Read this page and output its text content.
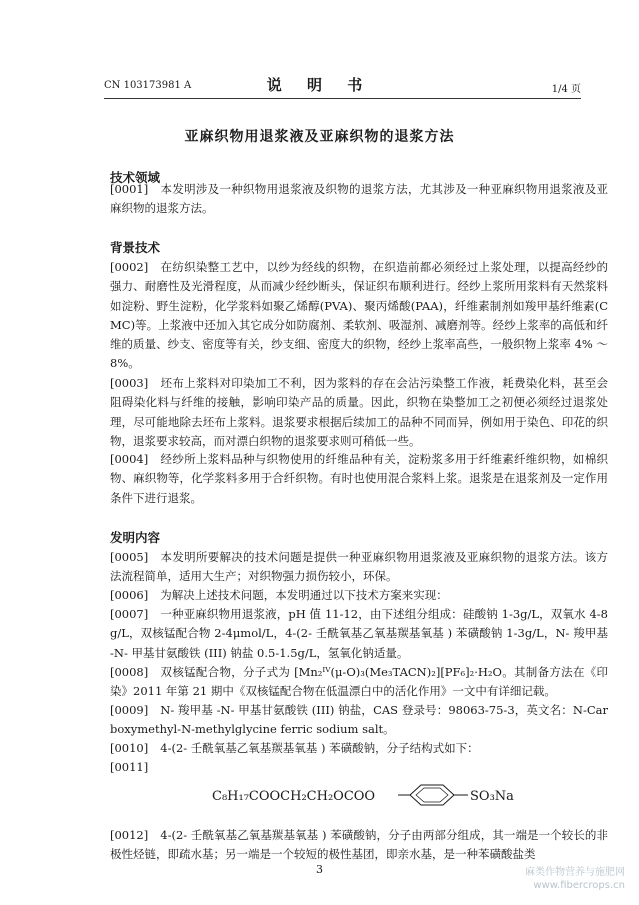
CN 103173981 A	说 明 书	1/4 页
亚麻织物用退浆液及亚麻织物的退浆方法
技术领域

[0001] 本发明涉及一种织物用退浆液及织物的退浆方法，尤其涉及一种亚麻织物用退浆液及亚麻织物的退浆方法。

背景技术

[0002] 在纺织染整工艺中，以纱为经线的织物，在织造前都必须经过上浆处理，以提高经纱的强力、耐磨性及光滑程度，从而减少经纱断头，保证织布顺利进行。经纱上浆所用浆料有天然浆料如淀粉、野生淀粉，化学浆料如聚乙烯醇(PVA)、聚丙烯酸(PAA)，纤维素制剂如羧甲基纤维素(CMC)等。上浆液中还加入其它成分如防腐剂、柔软剂、吸湿剂、减磨剂等。经纱上浆率的高低和纤维的质量、纱支、密度等有关，纱支细、密度大的织物，经纱上浆率高些，一般织物上浆率 4% ～ 8%。

[0003] 坯布上浆料对印染加工不利，因为浆料的存在会沾污染整工作液，耗费染化料，甚至会阻碍染化料与纤维的接触，影响印染产品的质量。因此，织物在染整加工之初便必须经过退浆处理，尽可能地除去坯布上浆料。退浆要求根据后续加工的品种不同而异，例如用于染色、印花的织物，退浆要求较高，而对漂白织物的退浆要求则可稍低一些。

[0004] 经纱所上浆料品种与织物使用的纤维品种有关，淀粉浆多用于纤维素纤维织物，如棉织物、麻织物等，化学浆料多用于合纤织物。有时也使用混合浆料上浆。退浆是在退浆剂及一定作用条件下进行退浆。

发明内容

[0005] 本发明所要解决的技术问题是提供一种亚麻织物用退浆液及亚麻织物的退浆方法。该方法流程简单，适用大生产；对织物强力损伤较小，环保。

[0006] 为解决上述技术问题，本发明通过以下技术方案来实现：

[0007] 一种亚麻织物用退浆液，pH 值 11-12，由下述组分组成：硅酸钠 1-3g/L，双氧水 4-8g/L，双核锰配合物 2-4μmol/L，4-(2- 壬酰氧基乙氧基羰基氧基 ) 苯磺酸钠 1-3g/L，N- 羧甲基 -N- 甲基甘氨酸铁 (III) 钠盐 0.5-1.5g/L，氢氧化钠适量。

[0008] 双核锰配合物，分子式为 [Mn₂ᴵⱽ(μ-O)₃(Me₃TACN)₂][PF₆]₂·H₂O。其制备方法在《印染》2011 年第 21 期中《双核锰配合物在低温漂白中的活化作用》一文中有详细记载。

[0009] N- 羧甲基 -N- 甲基甘氨酸铁 (III) 钠盐，CAS 登录号：98063-75-3，英文名：N-Carboxymethyl-N-methylglycine ferric sodium salt。

[0010] 4-(2- 壬酰氧基乙氧基羰基氧基 ) 苯磺酸钠，分子结构式如下：

[0011]

C₈H₁₇COOCH₂CH₂OCOO	SO₃Na

[0012] 4-(2- 壬酰氧基乙氧基羰基氧基 ) 苯磺酸钠，分子由两部分组成，其一端是一个较长的非极性烃链，即疏水基；另一端是一个较短的极性基团，即亲水基，是一种苯磺酸盐类

3	麻类作物营养与施肥网
www.fibercrops.cn
